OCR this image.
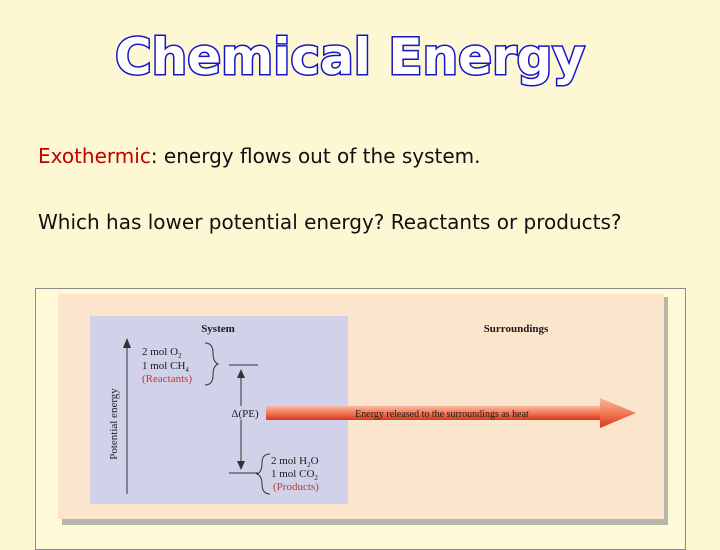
Chemical Energy
Exothermic: energy flows out of the system.
Which has lower potential energy? Reactants or products?
System	Surroundings
Potential energy
2 mol $O_2$
1 mol $CH_4$
(Reactants)
Δ(PE)	Energy released to the surroundings as heat
2 mol $H_2O$
1 mol $CO_2$
(Products)
